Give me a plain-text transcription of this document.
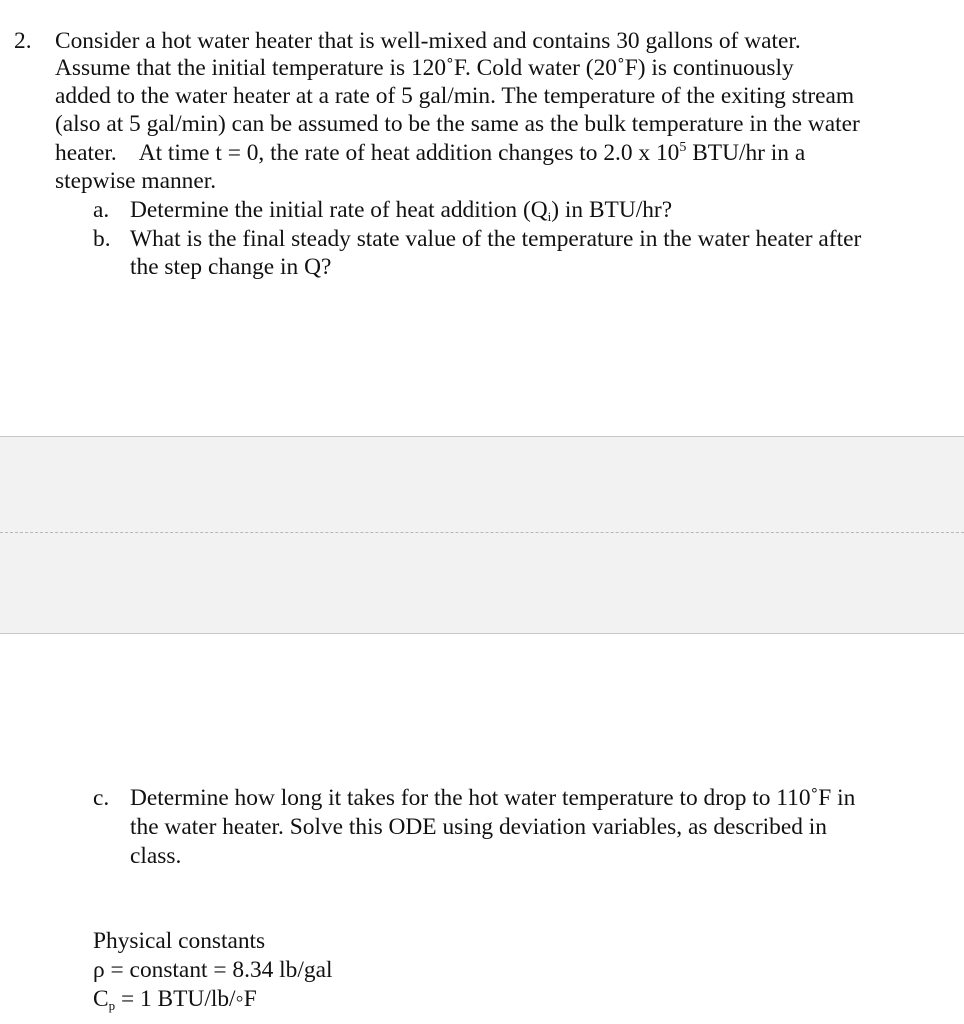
2. Consider a hot water heater that is well-mixed and contains 30 gallons of water.
Assume that the initial temperature is 120˚F. Cold water (20˚F) is continuously
added to the water heater at a rate of 5 gal/min. The temperature of the exiting stream
(also at 5 gal/min) can be assumed to be the same as the bulk temperature in the water
heater. At time t = 0, the rate of heat addition changes to 2.0 x $10^5$ BTU/hr in a
stepwise manner.
a. Determine the initial rate of heat addition (Qi) in BTU/hr?
b. What is the final steady state value of the temperature in the water heater after
the step change in Q?
c. Determine how long it takes for the hot water temperature to drop to 110˚F in
the water heater. Solve this ODE using deviation variables, as described in
class.
Physical constants
ρ = constant = 8.34 lb/gal
Cp = 1 BTU/lb/◦F
